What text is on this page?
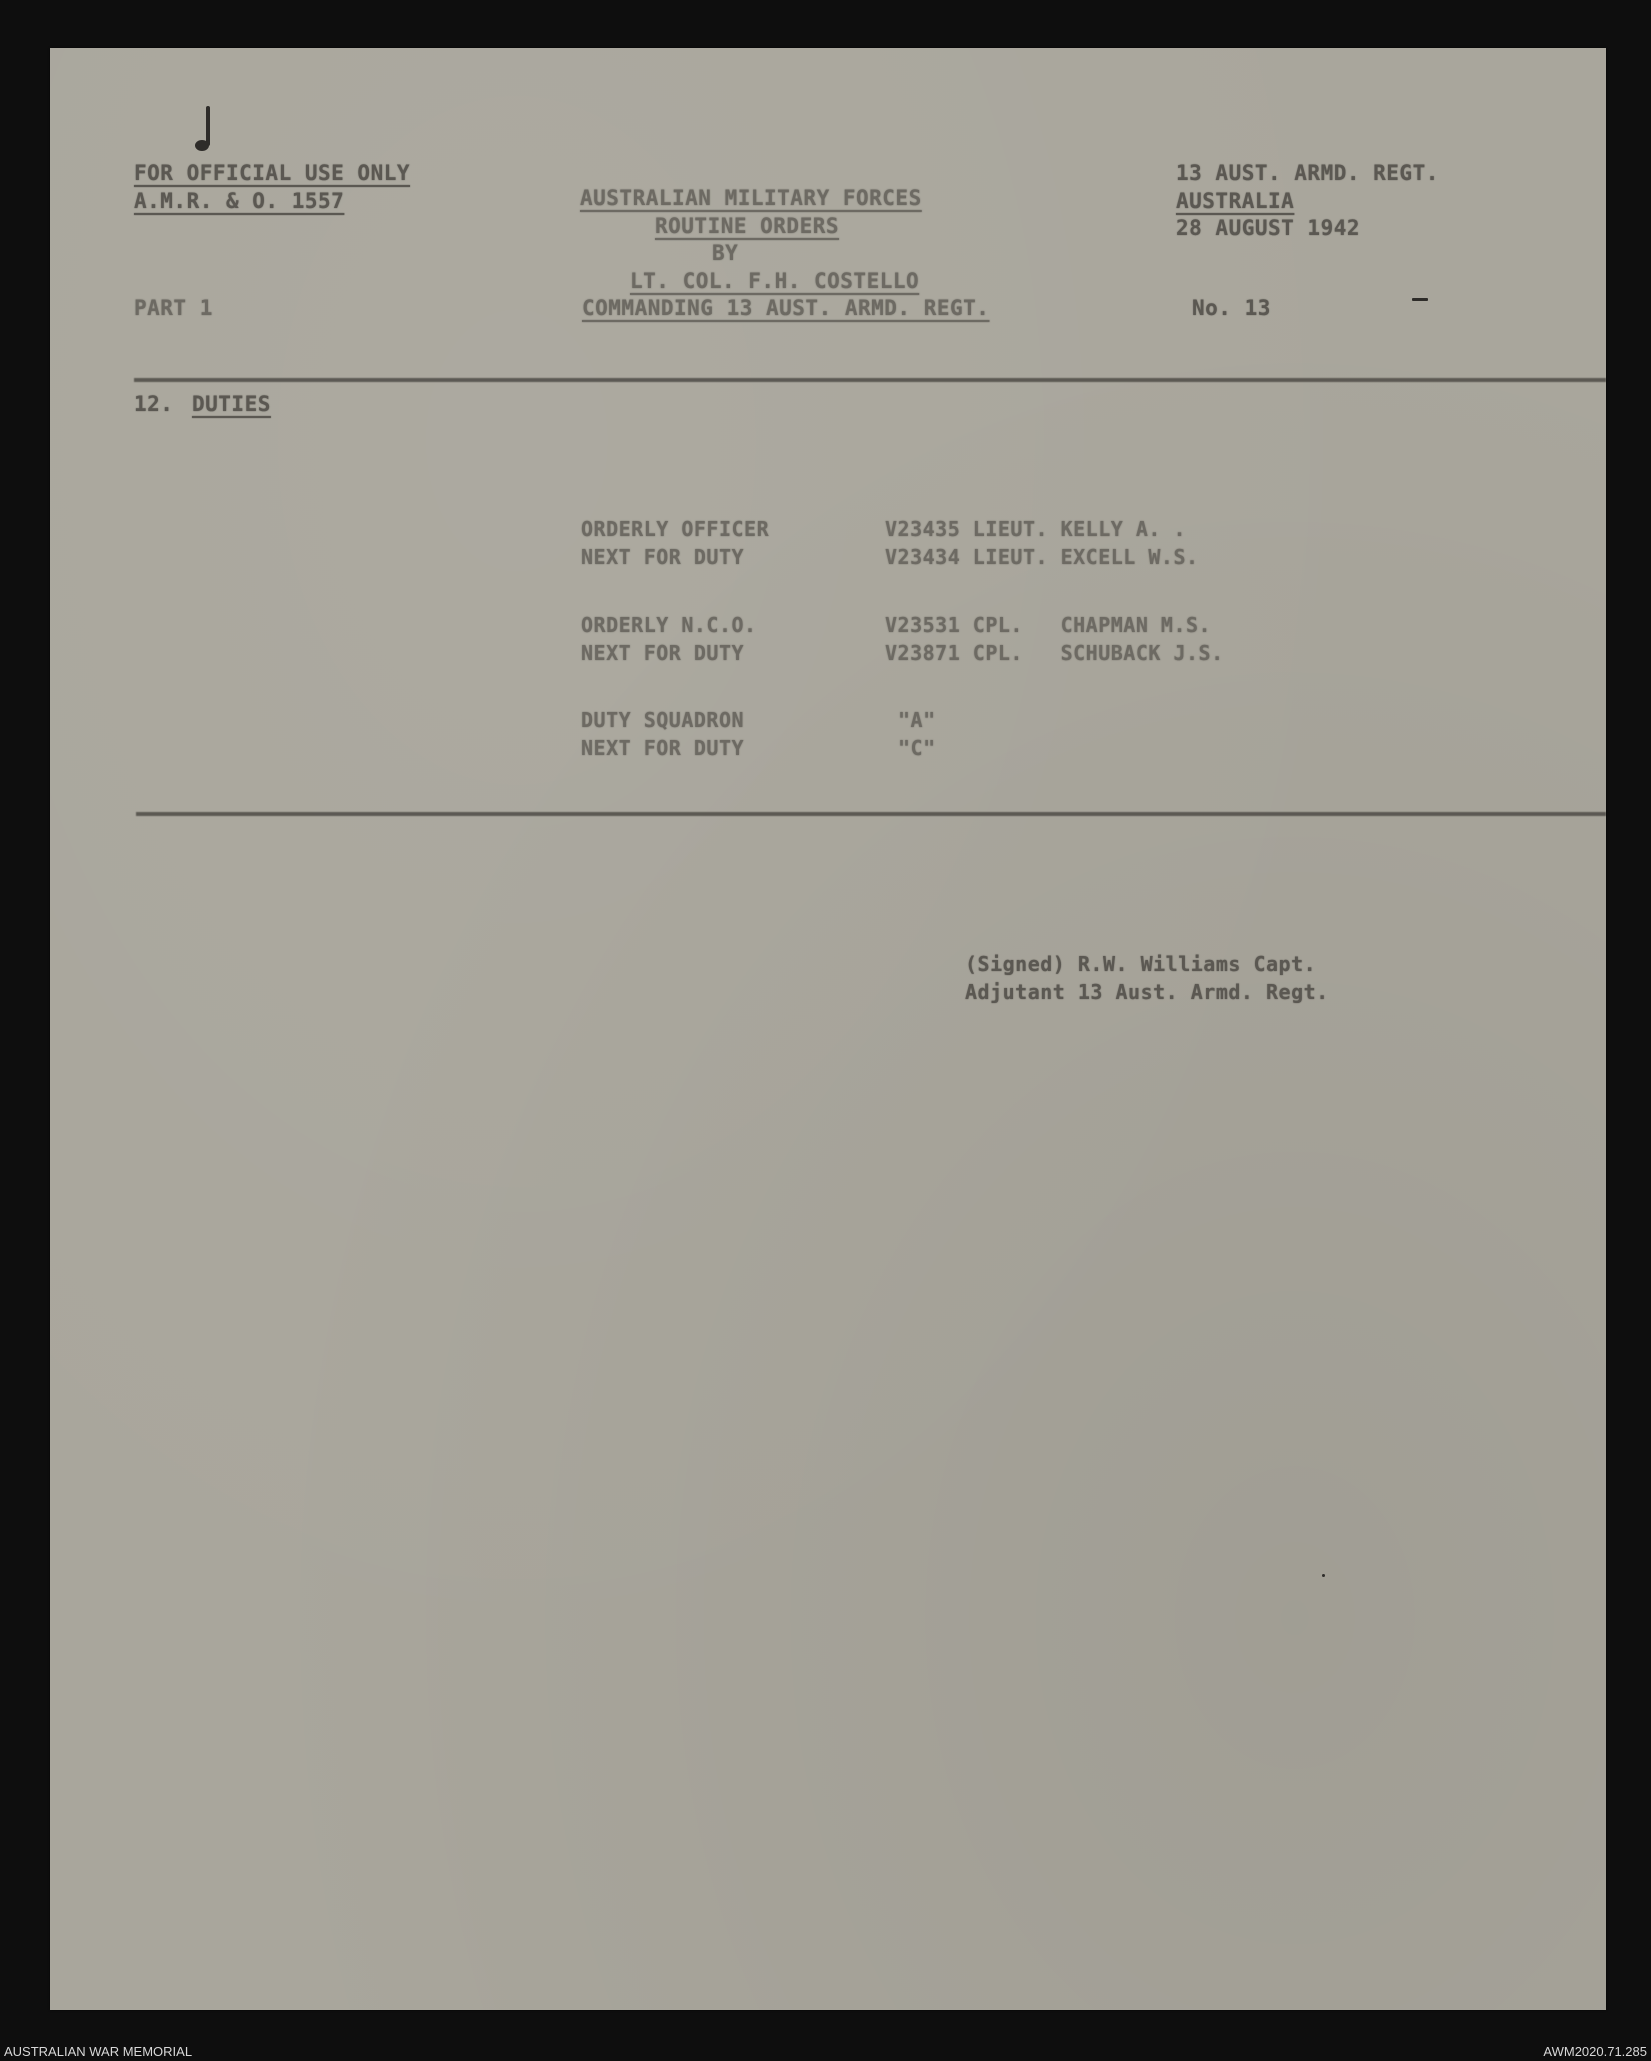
FOR OFFICIAL USE ONLY
A.M.R. & O. 1557	AUSTRALIAN MILITARY FORCES
ROUTINE ORDERS
BY
LT. COL. F.H. COSTELLO
COMMANDING 13 AUST. ARMD. REGT.
13 AUST. ARMD. REGT.
AUSTRALIA
28 AUGUST 1942
PART 1	No. 13
12. DUTIES
ORDERLY OFFICER	V23435 LIEUT. KELLY A. .
NEXT FOR DUTY	V23434 LIEUT. EXCELL W.S.
ORDERLY N.C.O.	V23531 CPL.   CHAPMAN M.S.
NEXT FOR DUTY	V23871 CPL.   SCHUBACK J.S.
DUTY SQUADRON	"A"
NEXT FOR DUTY	"C"
(Signed) R.W. Williams Capt.
Adjutant 13 Aust. Armd. Regt.
AUSTRALIAN WAR MEMORIAL	AWM2020.71.285
